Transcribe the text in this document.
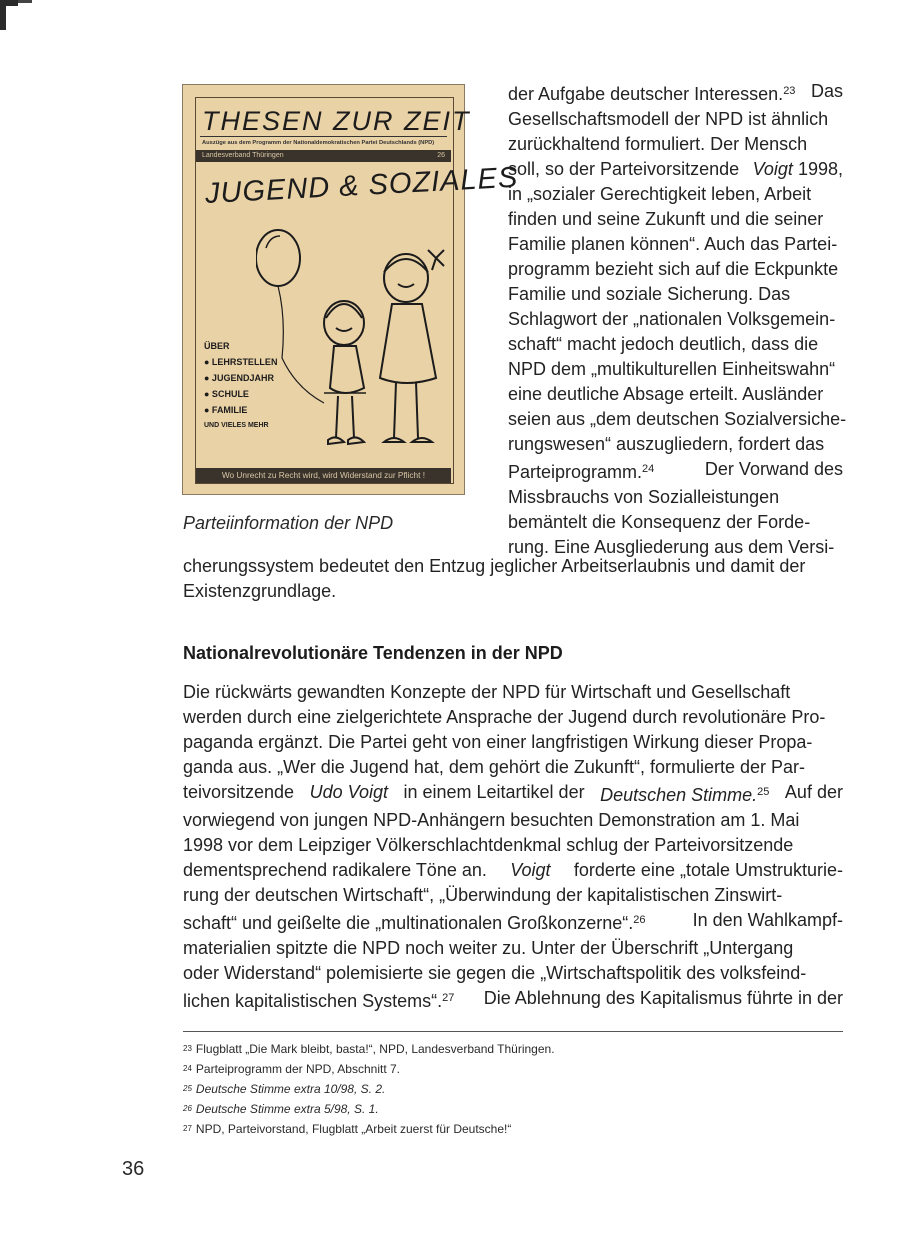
THESEN ZUR ZEIT
Auszüge aus dem Programm der Nationaldemokratischen Partei Deutschlands (NPD)
Landesverband Thüringen	26
JUGEND & SOZIALES
ÜBER
● LEHRSTELLEN
● JUGENDJAHR
● SCHULE
● FAMILIE
UND VIELES MEHR
Wo Unrecht zu Recht wird, wird Widerstand zur Pflicht !
Parteiinformation der NPD
der Aufgabe deutscher Interessen.$^{23}$ Das
Gesellschaftsmodell der NPD ist ähnlich
zurückhaltend formuliert. Der Mensch
soll, so der Parteivorsitzende Voigt 1998,
in „sozialer Gerechtigkeit leben, Arbeit
finden und seine Zukunft und die seiner
Familie planen können“. Auch das Partei-
programm bezieht sich auf die Eckpunkte
Familie und soziale Sicherung. Das
Schlagwort der „nationalen Volksgemein-
schaft“ macht jedoch deutlich, dass die
NPD dem „multikulturellen Einheitswahn“
eine deutliche Absage erteilt. Ausländer
seien aus „dem deutschen Sozialversiche-
rungswesen“ auszugliedern, fordert das
Parteiprogramm.$^{24}$	Der Vorwand des
Missbrauchs von Sozialleistungen
bemäntelt die Konsequenz der Forde-
rung. Eine Ausgliederung aus dem Versi-
cherungssystem bedeutet den Entzug jeglicher Arbeitserlaubnis und damit der
Existenzgrundlage.
Nationalrevolutionäre Tendenzen in der NPD
Die rückwärts gewandten Konzepte der NPD für Wirtschaft und Gesellschaft
werden durch eine zielgerichtete Ansprache der Jugend durch revolutionäre Pro-
paganda ergänzt. Die Partei geht von einer langfristigen Wirkung dieser Propa-
ganda aus. „Wer die Jugend hat, dem gehört die Zukunft“, formulierte der Par-
teivorsitzende Udo Voigt in einem Leitartikel der Deutschen Stimme.$^{25}$ Auf der
vorwiegend von jungen NPD-Anhängern besuchten Demonstration am 1. Mai
1998 vor dem Leipziger Völkerschlachtdenkmal schlug der Parteivorsitzende
dementsprechend radikalere Töne an. Voigt forderte eine „totale Umstrukturie-
rung der deutschen Wirtschaft“, „Überwindung der kapitalistischen Zinswirt-
schaft“ und geißelte die „multinationalen Großkonzerne“.$^{26}$	In den Wahlkampf-
materialien spitzte die NPD noch weiter zu. Unter der Überschrift „Untergang
oder Widerstand“ polemisierte sie gegen die „Wirtschaftspolitik des volksfeind-
lichen kapitalistischen Systems“.$^{27}$ Die Ablehnung des Kapitalismus führte in der
$^{23}$ Flugblatt „Die Mark bleibt, basta!“, NPD, Landesverband Thüringen.
$^{24}$ Parteiprogramm der NPD, Abschnitt 7.
$^{25}$ Deutsche Stimme extra 10/98, S. 2.
$^{26}$ Deutsche Stimme extra 5/98, S. 1.
$^{27}$ NPD, Parteivorstand, Flugblatt „Arbeit zuerst für Deutsche!“
36
